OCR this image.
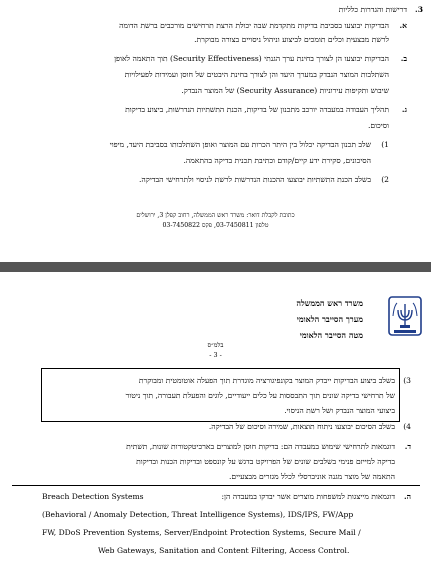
3.
דרישות והגדרות כלליות
א.
הבדיקות יבוצעו בסביבת בדיקות מתקדמת שבה יכולת הרצת תרחישים מורכבים ברשת הדומה
לרשת מבצעית וכלים תומכים לביצוע וניהול ניסויים בצורה מבוקרת.
ב.
הבדיקות יבוצעו הן לצורך בחינת ערך הגנתי (Security Effectiveness) תוך התאמה לאופן
השתלבות המוצר הנבדק במערך היעד והן לצורך בחינת היבטים של חוסן ועמידות לפעילויות
שיבוש ותקיפות עירוניות (Security Assurance) של המוצר הנבדק.
ג.
תהליך העבודה במעבדה יורכב מתכנון של בדיקות, הכנת התשתיות הנדרשות, ביצוע בדיקות
וסיכום.
1)
שלב תכנון הבדיקה יכלול בין היתר הכרות עם המוצר ואופן השתלבותו בסביבת היעד, מיפוי
הסיכונים, סקירת ידע קיים/קודם וכתיבת תכנית בדיקה בהתאמה.
2)
בשלב הכנת התשתיות יבוצעו ההכנות הנדרשות לרשת לניסוי ולתרחישי הבדיקה.
כתובת לקבלת דואר: משרד ראש הממשלה, רחוב קפלן 3, ירושלים
טלפון 03-7450811, פקס 03-7450822
משרד ראש הממשלה
מערך הסייבר הלאומי
מטה הסייבר הלאומי
בלמ״ס
- 3 -
3)
בשלב ביצוע הבדיקות ייבדק המוצר בקונפיגורציה מוגדרת תוך הפעלה אוטומטית ומבוקרת
של תרחישי בדיקה שונים תוך התבססות על כלים ייעודיים, לוגים והפעלת תעבורה, תוך ניטור
ביצועי המוצר הנבדק ושל רשת הניסוי.
4)
בשלב הסיכום יבוצעו ניתוח תוצאות, שמירה וסיכום של הבדיקה.
ד.
דוגמאות לתרחישי שימוש במעבדה הם: בדיקות חוסן למוצרים בארכיטקטורות שונות, תשתית
בדיקה למייזם פנימי בשלבים שונים של הפרויקט בדגש על קונספט ובדיקות הכנות ובדיקות
התאמה של מוצר מגנה אוניברסלי לכלל מגזרים מבצעיים.
ה.
דוגמאות מייצגות למשפחות מוצרים אשר יבדקו במעבדה הן:
Breach Detection Systems
(Behavioral / Anomaly Detection, Threat Intelligence Systems), IDS/IPS, FW/App
FW, DDoS Prevention Systems, Server/Endpoint Protection Systems, Secure Mail /
Web Gateways, Sanitation and Content Filtering, Access Control.
